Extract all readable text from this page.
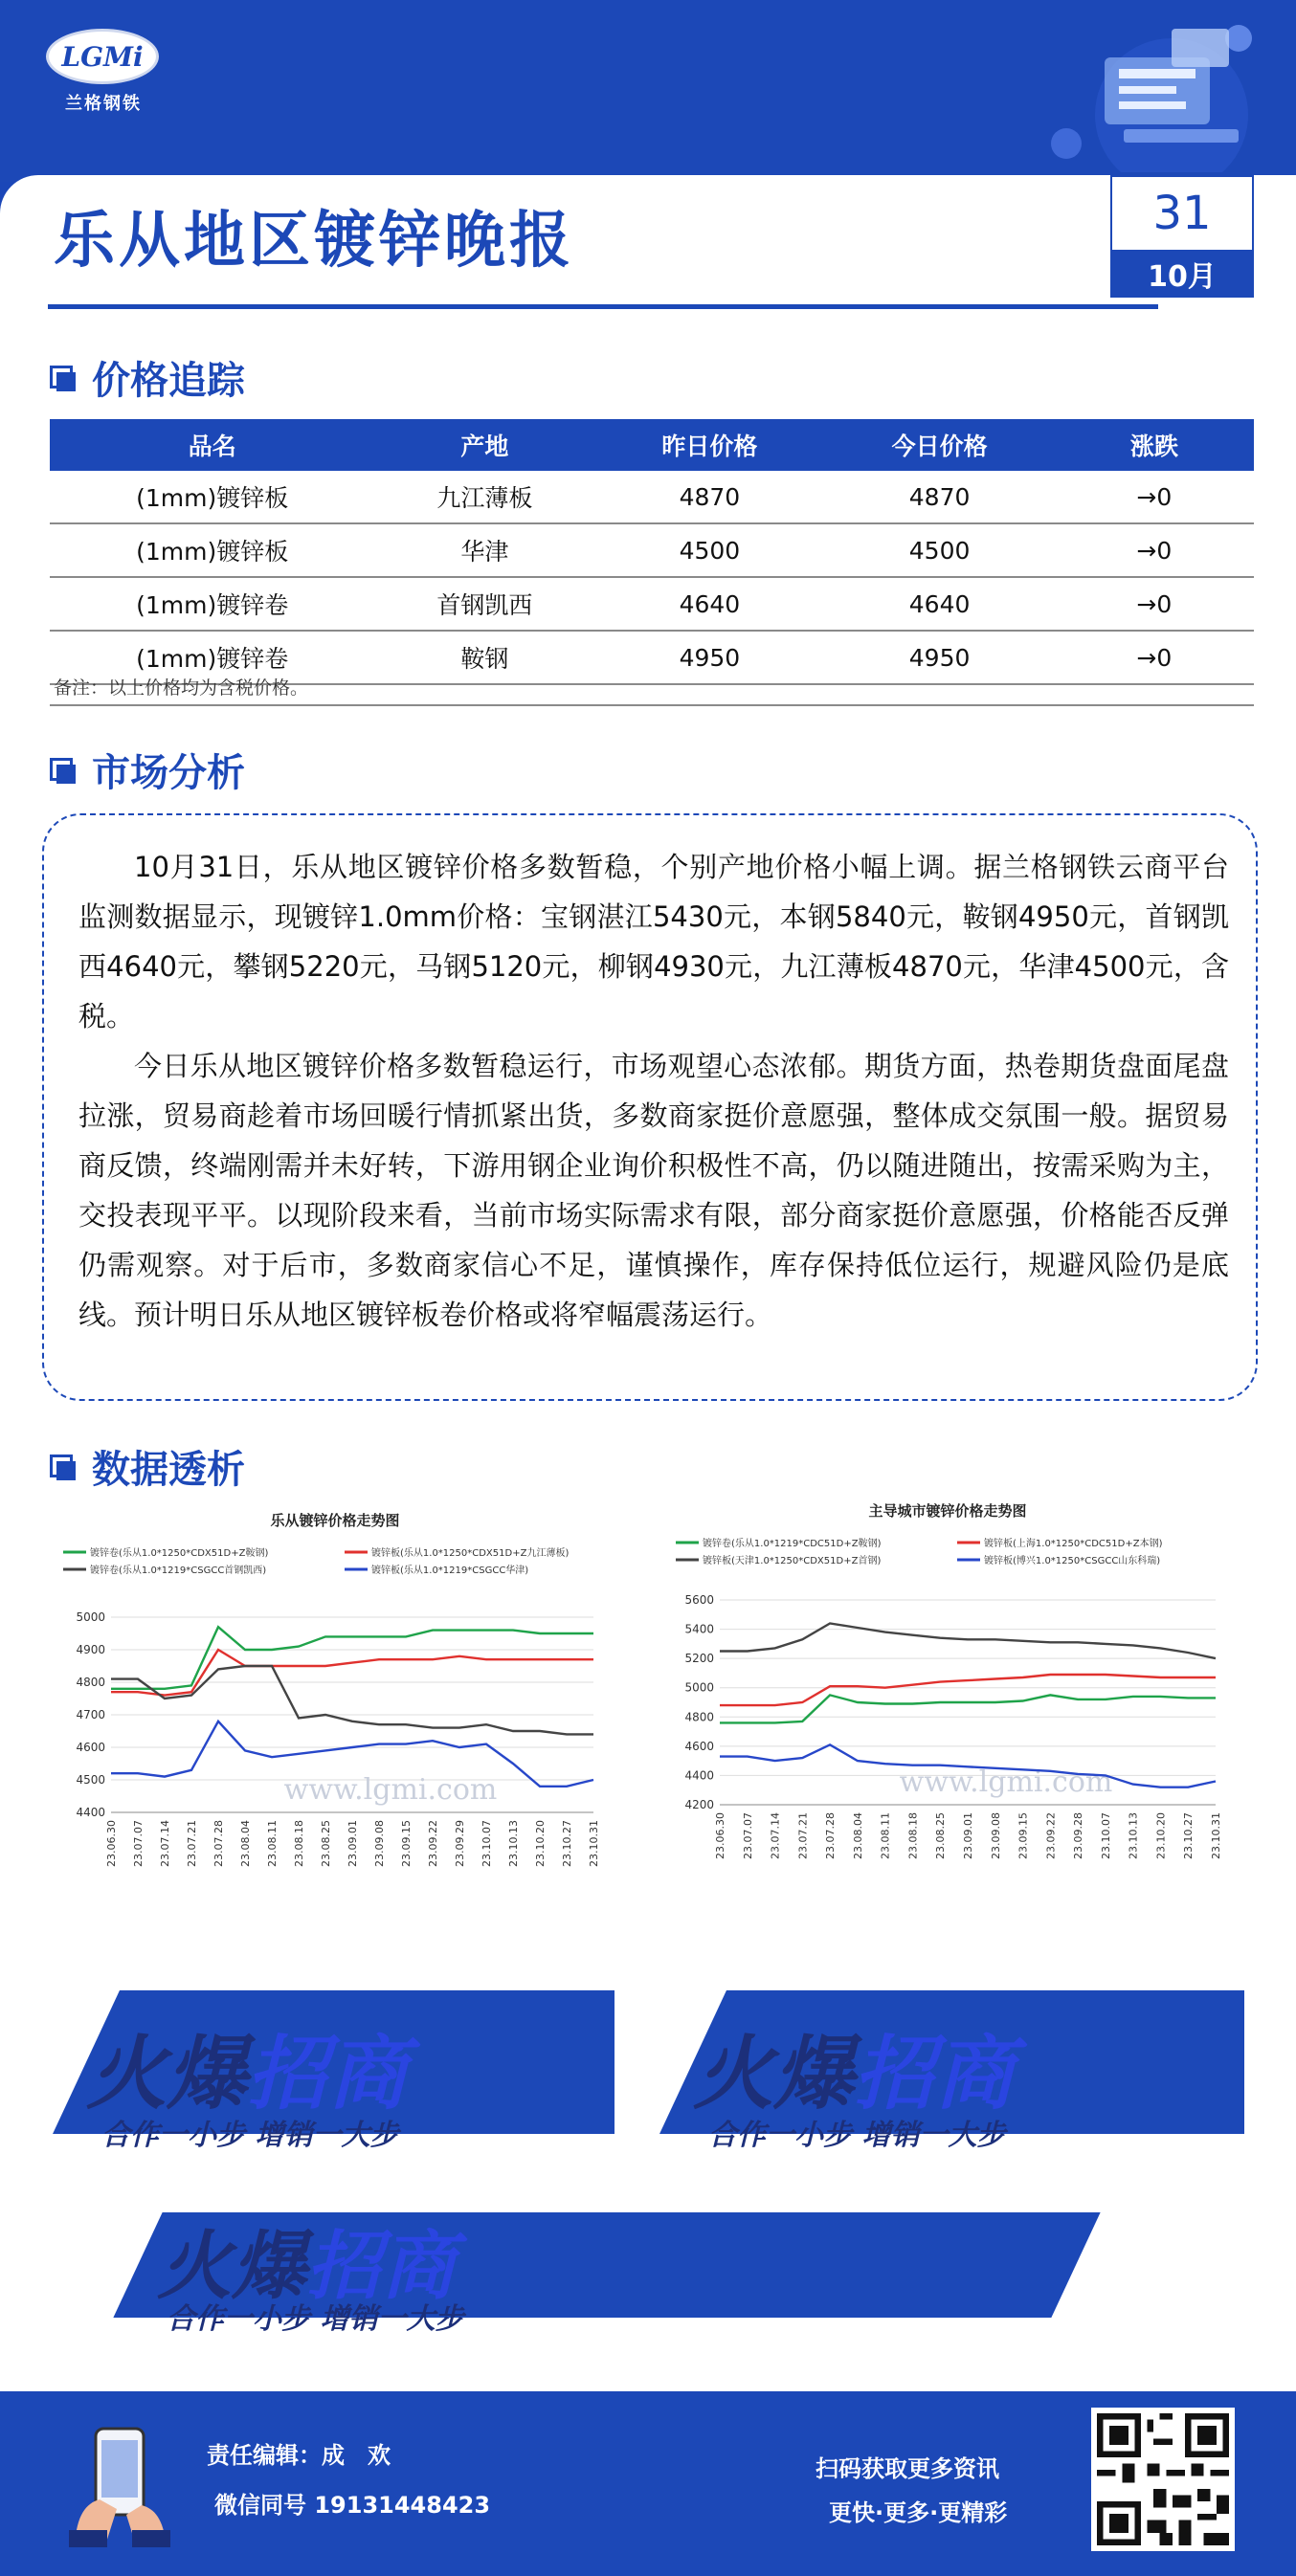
LGMi
兰格钢铁
乐从地区镀锌晚报	31
10月
价格追踪
品名	产地	昨日价格	今日价格	涨跌
(1mm)镀锌板	九江薄板	4870	4870	→0
(1mm)镀锌板	华津	4500	4500	→0
(1mm)镀锌卷	首钢凯西	4640	4640	→0
(1mm)镀锌卷	鞍钢	4950	4950	→0
备注：以上价格均为含税价格。
市场分析

10月31日，乐从地区镀锌价格多数暂稳，个别产地价格小幅上调。据兰格钢铁云商平台监测数据显示，现镀锌1.0mm价格：宝钢湛江5430元，本钢5840元，鞍钢4950元，首钢凯西4640元，攀钢5220元，马钢5120元，柳钢4930元，九江薄板4870元，华津4500元，含税。

今日乐从地区镀锌价格多数暂稳运行，市场观望心态浓郁。期货方面，热卷期货盘面尾盘拉涨，贸易商趁着市场回暖行情抓紧出货，多数商家挺价意愿强，整体成交氛围一般。据贸易商反馈，终端刚需并未好转，下游用钢企业询价积极性不高，仍以随进随出，按需采购为主，交投表现平平。以现阶段来看，当前市场实际需求有限，部分商家挺价意愿强，价格能否反弹仍需观察。对于后市，多数商家信心不足，谨慎操作，库存保持低位运行，规避风险仍是底线。预计明日乐从地区镀锌板卷价格或将窄幅震荡运行。

数据透析
乐从镀锌价格走势图
镀锌卷(乐从1.0*1250*CDX51D+Z鞍钢)	镀锌板(乐从1.0*1250*CDX51D+Z九江薄板)
镀锌卷(乐从1.0*1219*CSGCC首钢凯西)	镀锌板(乐从1.0*1219*CSGCC华津)
4400
4500
4600
4700
4800
4900
5000
23.06.30 23.07.07 23.07.14 23.07.21 23.07.28 23.08.04 23.08.11 23.08.18 23.08.25 23.09.01 23.09.08 23.09.15 23.09.22 23.09.29 23.10.07 23.10.13 23.10.20 23.10.27 23.10.31
www.lgmi.com
主导城市镀锌价格走势图
镀锌卷(乐从1.0*1219*CDC51D+Z鞍钢)	镀锌板(上海1.0*1250*CDC51D+Z本钢)
镀锌板(天津1.0*1250*CDX51D+Z首钢)	镀锌板(博兴1.0*1250*CSGCC山东科瑞)
4200
4400
4600
4800
5000
5200
5400
5600
23.06.30 23.07.07 23.07.14 23.07.21 23.07.28 23.08.04 23.08.11 23.08.18 23.08.25 23.09.01 23.09.08 23.09.15 23.09.22 23.09.28 23.10.07 23.10.13 23.10.20 23.10.27 23.10.31
www.lgmi.com
火爆招商
合作一小步 增销一大步
火爆招商
合作一小步 增销一大步
火爆招商
合作一小步 增销一大步
责任编辑：成　欢
微信同号 19131448423
扫码获取更多资讯
更快·更多·更精彩
